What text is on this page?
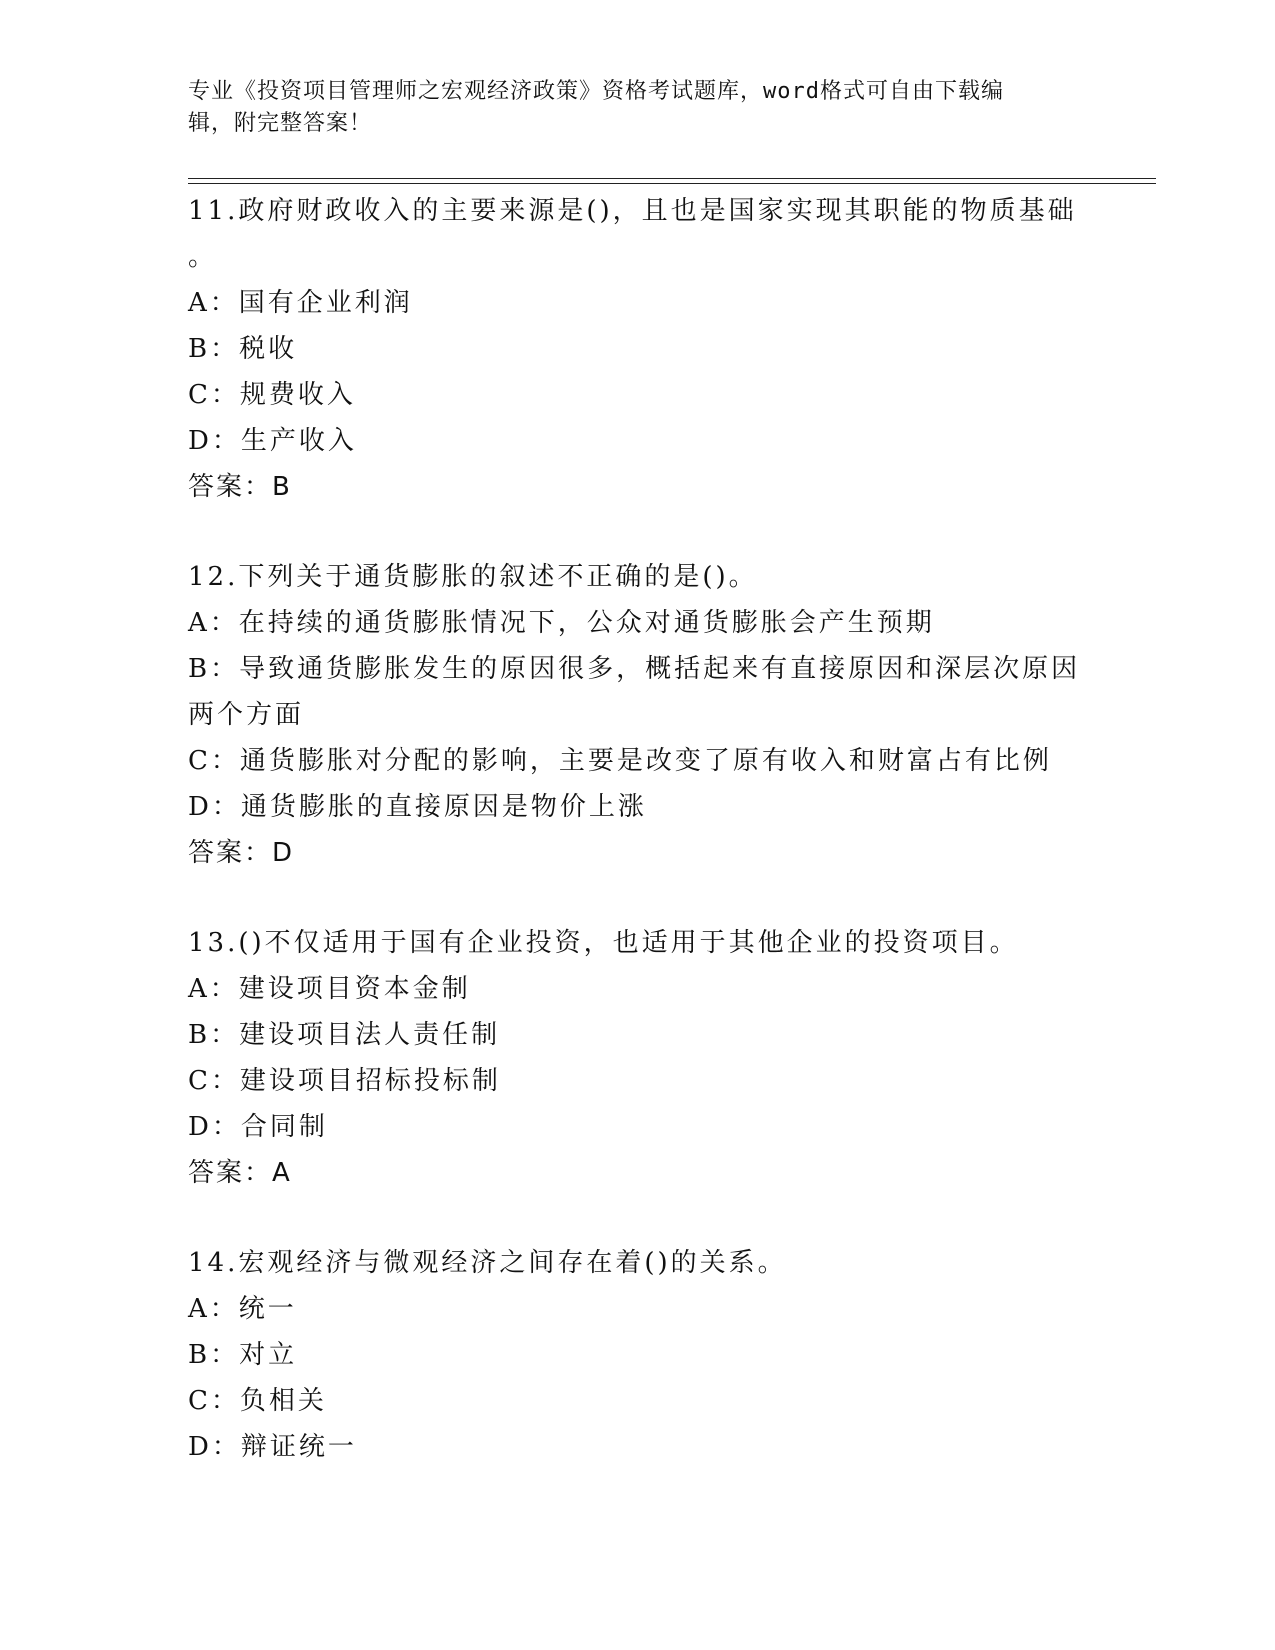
专业《投资项目管理师之宏观经济政策》资格考试题库，word格式可自由下载编
辑，附完整答案！
11.政府财政收入的主要来源是()，且也是国家实现其职能的物质基础
。
A：国有企业利润
B：税收
C：规费收入
D：生产收入
答案：B
12.下列关于通货膨胀的叙述不正确的是()。
A：在持续的通货膨胀情况下，公众对通货膨胀会产生预期
B：导致通货膨胀发生的原因很多，概括起来有直接原因和深层次原因
两个方面
C：通货膨胀对分配的影响，主要是改变了原有收入和财富占有比例
D：通货膨胀的直接原因是物价上涨
答案：D
13.()不仅适用于国有企业投资，也适用于其他企业的投资项目。
A：建设项目资本金制
B：建设项目法人责任制
C：建设项目招标投标制
D：合同制
答案：A
14.宏观经济与微观经济之间存在着()的关系。
A：统一
B：对立
C：负相关
D：辩证统一
